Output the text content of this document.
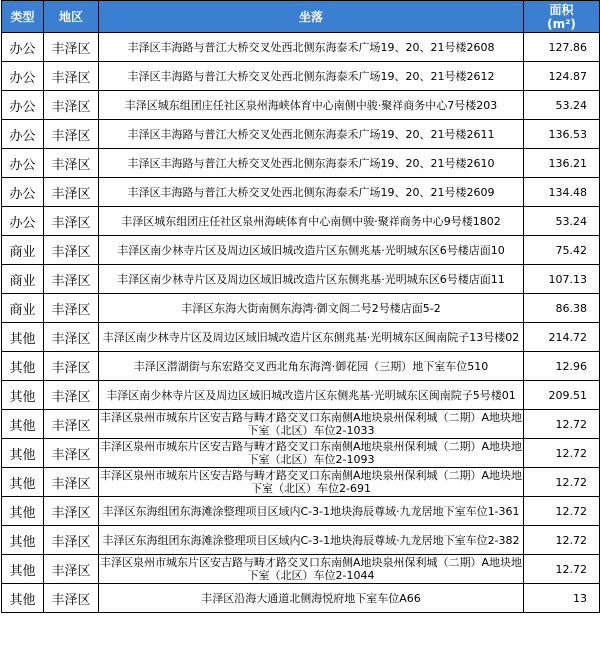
类型	地区	坐落	面积
(m²)
办公	丰泽区	丰泽区丰海路与普江大桥交叉处西北侧东海泰禾广场19、20、21号楼2608	127.86
办公	丰泽区	丰泽区丰海路与普江大桥交叉处西北侧东海泰禾广场19、20、21号楼2612	124.87
办公	丰泽区	丰泽区城东组团庄任社区泉州海峡体育中心南侧中骏·聚祥商务中心7号楼203	53.24
办公	丰泽区	丰泽区丰海路与普江大桥交叉处西北侧东海泰禾广场19、20、21号楼2611	136.53
办公	丰泽区	丰泽区丰海路与普江大桥交叉处西北侧东海泰禾广场19、20、21号楼2610	136.21
办公	丰泽区	丰泽区丰海路与普江大桥交叉处西北侧东海泰禾广场19、20、21号楼2609	134.48
办公	丰泽区	丰泽区城东组团庄任社区泉州海峡体育中心南侧中骏·聚祥商务中心9号楼1802	53.24
商业	丰泽区	丰泽区南少林寺片区及周边区域旧城改造片区东侧兆基·光明城东区6号楼店面10	75.42
商业	丰泽区	丰泽区南少林寺片区及周边区域旧城改造片区东侧兆基·光明城东区6号楼店面11	107.13
商业	丰泽区	丰泽区东海大街南侧东海湾·御文阁二号2号楼店面5-2	86.38
其他	丰泽区	丰泽区南少林寺片区及周边区域旧城改造片区东侧兆基·光明城东区闽南院子13号楼02	214.72
其他	丰泽区	丰泽区潜湖街与东宏路交叉西北角东海湾·御花园（三期）地下室车位510	12.96
其他	丰泽区	丰泽区南少林寺片区及周边区域旧城改造片区东侧兆基·光明城东区闽南院子5号楼01	209.51
其他	丰泽区	丰泽区泉州市城东片区安吉路与畴才路交叉口东南侧A地块泉州保利城（二期）A地块地下室（北区）车位2-1033	12.72
其他	丰泽区	丰泽区泉州市城东片区安吉路与畴才路交叉口东南侧A地块泉州保利城（二期）A地块地下室（北区）车位2-1093	12.72
其他	丰泽区	丰泽区泉州市城东片区安吉路与畴才路交叉口东南侧A地块泉州保利城（二期）A地块地下室（北区）车位2-691	12.72
其他	丰泽区	丰泽区东海组团东海滩涂整理项目区域内C-3-1地块海辰尊域·九龙居地下室车位1-361	12.72
其他	丰泽区	丰泽区东海组团东海滩涂整理项目区域内C-3-1地块海辰尊域·九龙居地下室车位2-382	12.72
其他	丰泽区	丰泽区泉州市城东片区安吉路与畴才路交叉口东南侧A地块泉州保利城（二期）A地块地下室（北区）车位2-1044	12.72
其他	丰泽区	丰泽区沿海大通道北侧海悦府地下室车位A66	13
